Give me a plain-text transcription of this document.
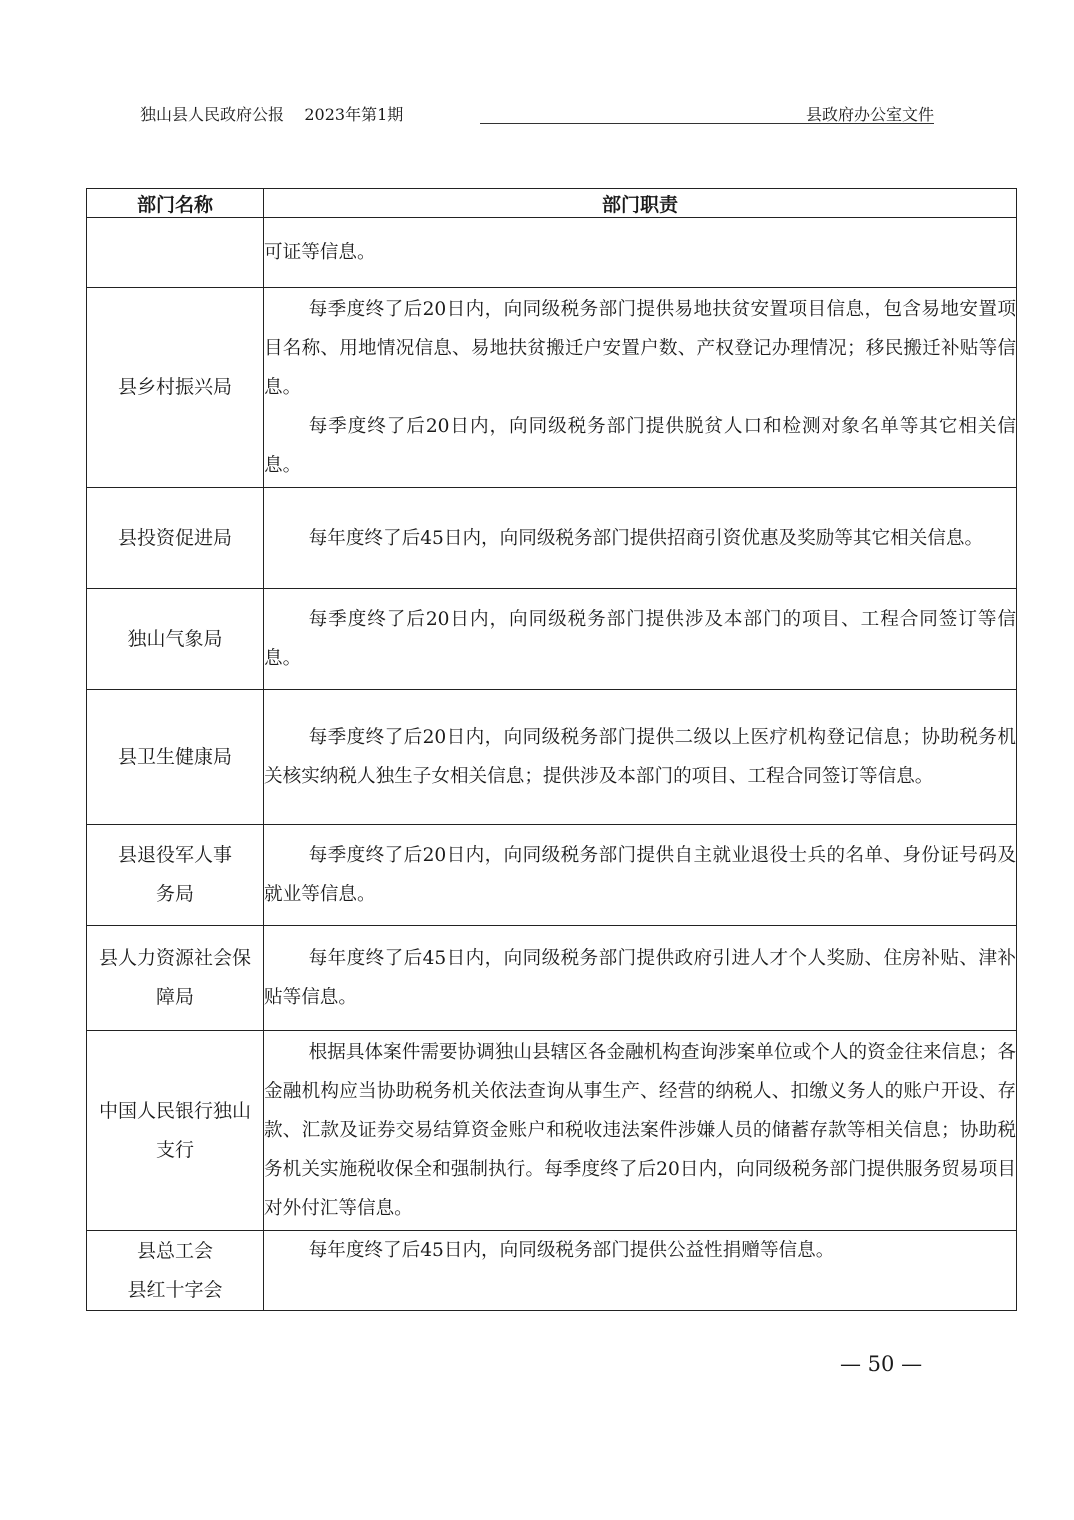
独山县人民政府公报    2023年第1期	县政府办公室文件
部门名称	部门职责

	可证等信息。

县乡村振兴局	每季度终了后20日内，向同级税务部门提供易地扶贫安置项目信息，包含易地安置项目名称、用地情况信息、易地扶贫搬迁户安置户数、产权登记办理情况；移民搬迁补贴等信息。

每季度终了后20日内，向同级税务部门提供脱贫人口和检测对象名单等其它相关信息。

县投资促进局	每年度终了后45日内，向同级税务部门提供招商引资优惠及奖励等其它相关信息。

独山气象局	每季度终了后20日内，向同级税务部门提供涉及本部门的项目、工程合同签订等信息。

县卫生健康局	每季度终了后20日内，向同级税务部门提供二级以上医疗机构登记信息；协助税务机关核实纳税人独生子女相关信息；提供涉及本部门的项目、工程合同签订等信息。

县退役军人事务局	每季度终了后20日内，向同级税务部门提供自主就业退役士兵的名单、身份证号码及就业等信息。

县人力资源社会保障局	每年度终了后45日内，向同级税务部门提供政府引进人才个人奖励、住房补贴、津补贴等信息。

中国人民银行独山支行	根据具体案件需要协调独山县辖区各金融机构查询涉案单位或个人的资金往来信息；各金融机构应当协助税务机关依法查询从事生产、经营的纳税人、扣缴义务人的账户开设、存款、汇款及证券交易结算资金账户和税收违法案件涉嫌人员的储蓄存款等相关信息；协助税务机关实施税收保全和强制执行。每季度终了后20日内，向同级税务部门提供服务贸易项目对外付汇等信息。

县总工会
县红十字会	每年度终了后45日内，向同级税务部门提供公益性捐赠等信息。

— 50 —
